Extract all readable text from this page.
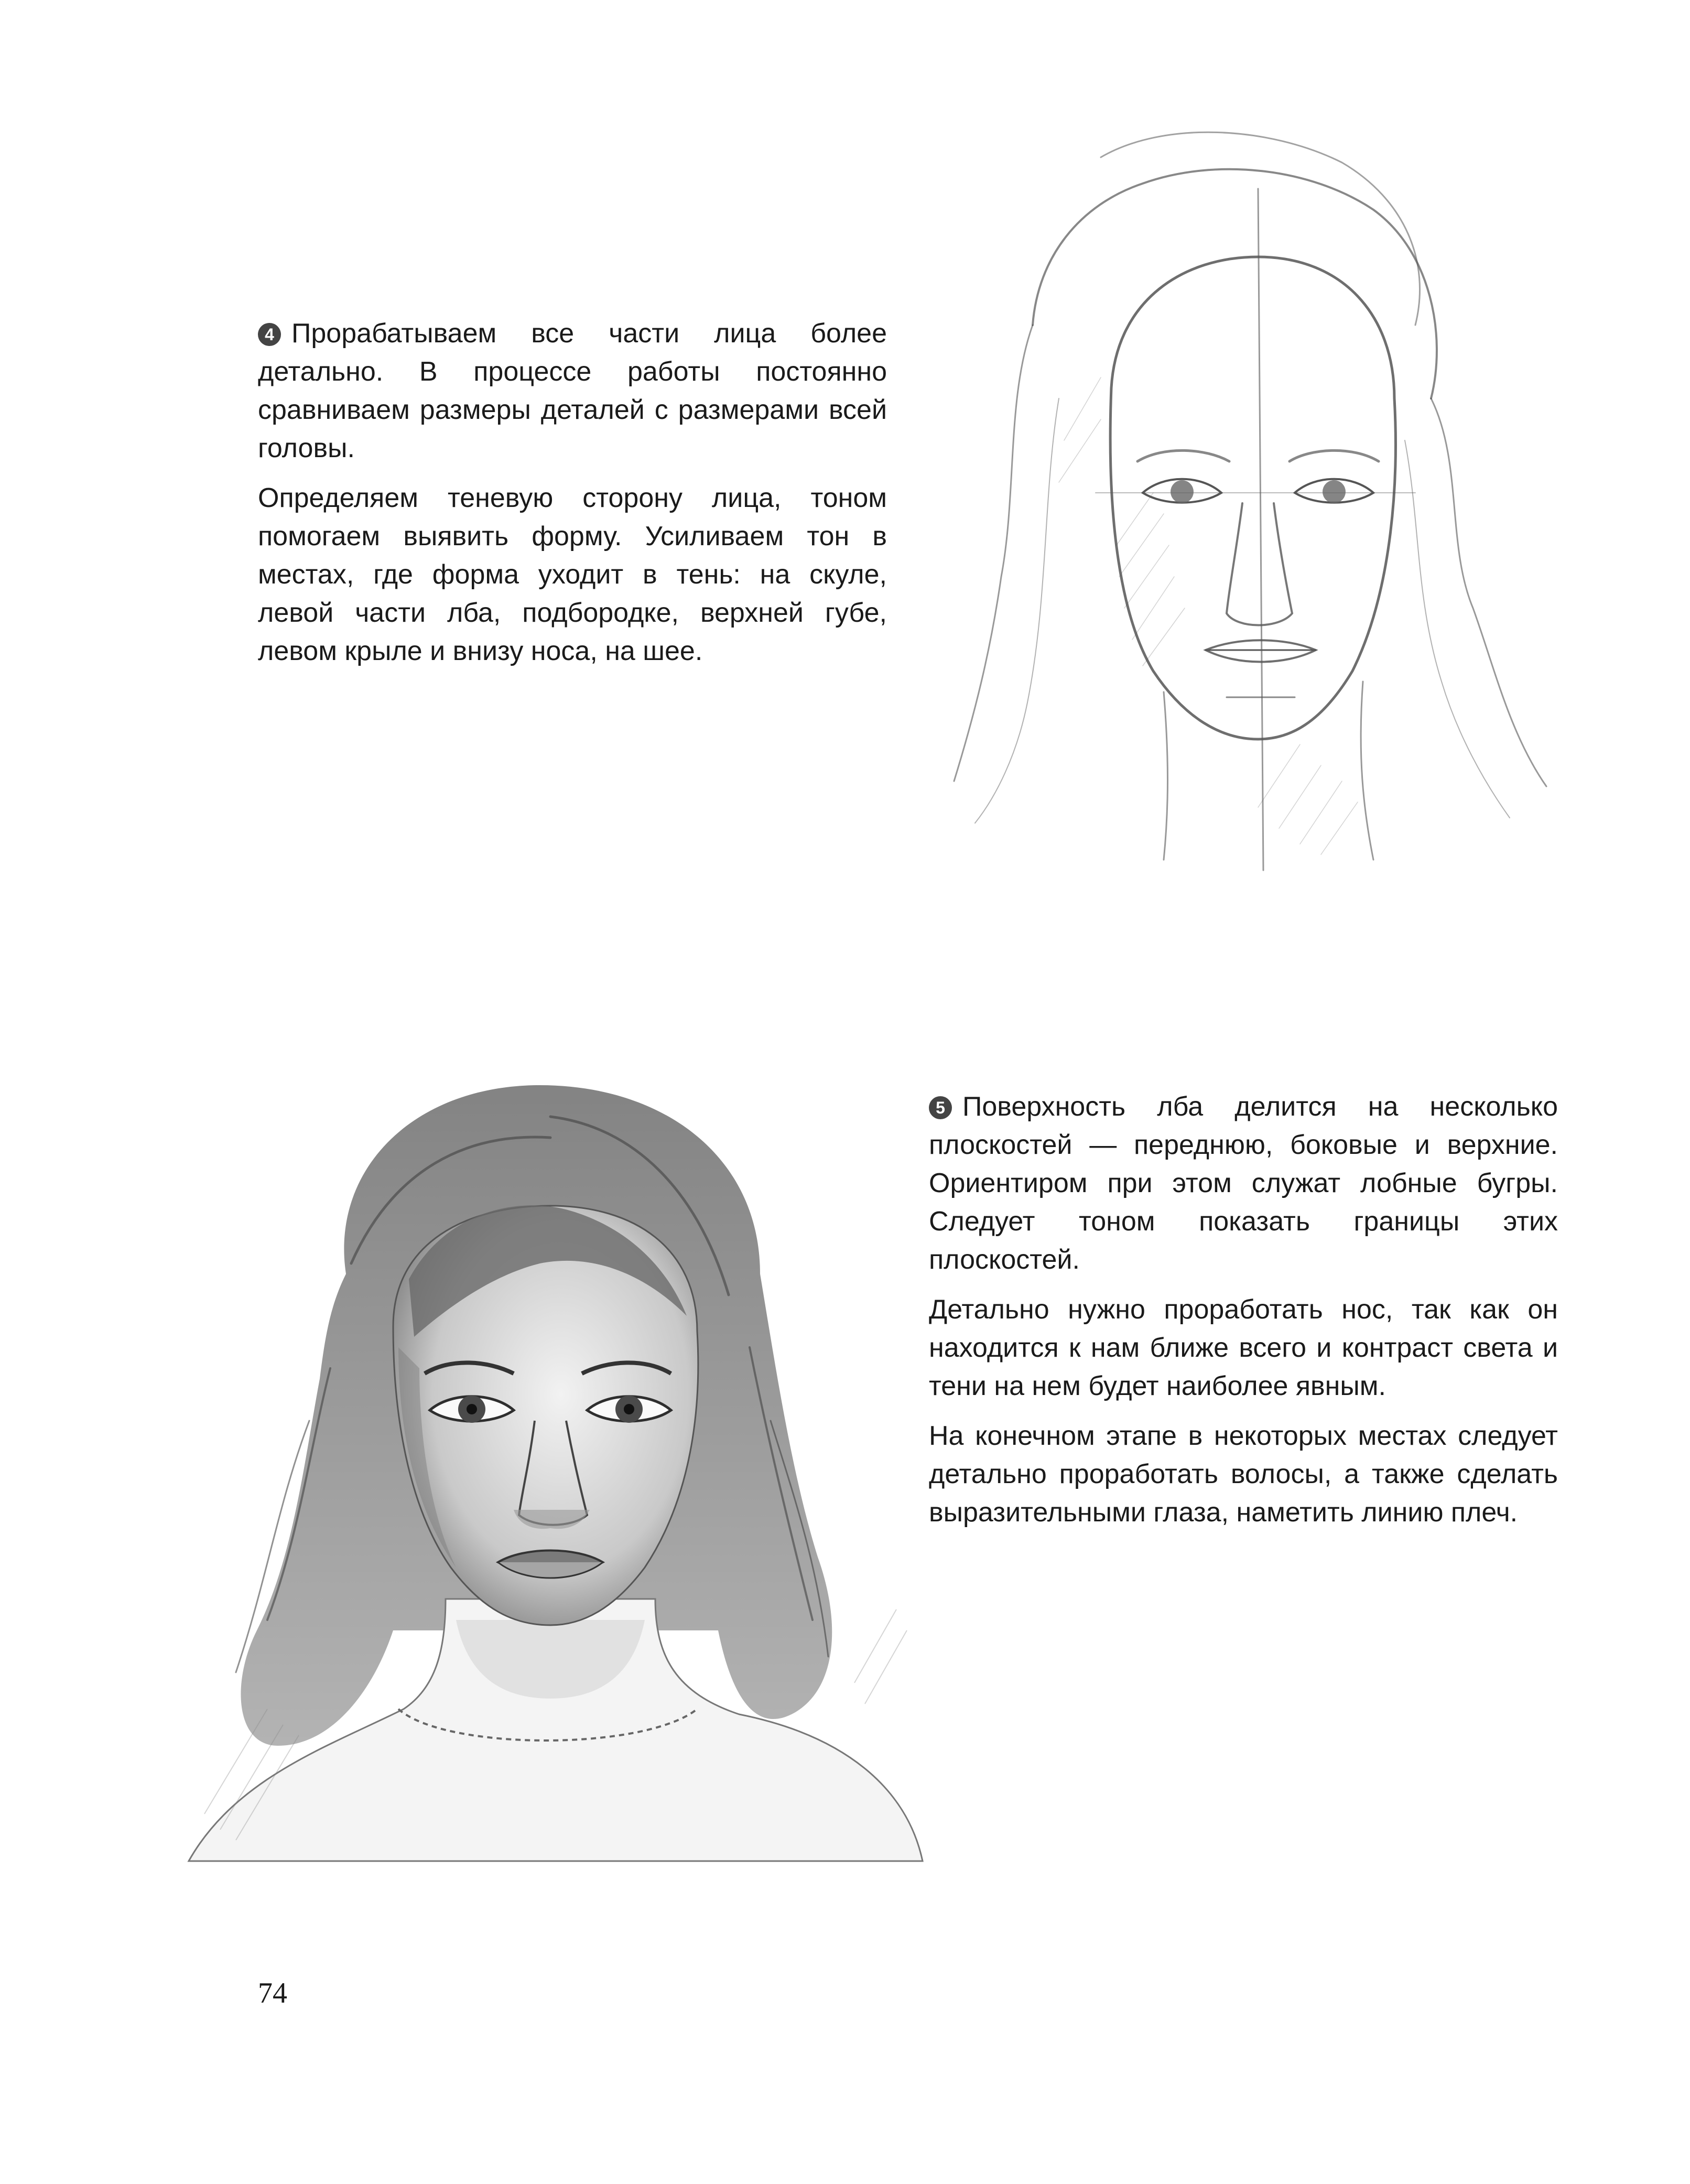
4 Прорабатываем все части лица более детально. В процессе работы постоянно сравниваем размеры деталей с размерами всей головы.

Определяем теневую сторону лица, тоном помогаем выявить форму. Усиливаем тон в местах, где форма уходит в тень: на скуле, левой части лба, подбородке, верхней губе, левом крыле и внизу носа, на шее.

5 Поверхность лба делится на несколько плоскостей — переднюю, боковые и верхние. Ориентиром при этом служат лобные бугры. Следует тоном показать границы этих плоскостей.

Детально нужно проработать нос, так как он находится к нам ближе всего и контраст света и тени на нем будет наиболее явным.

На конечном этапе в некоторых местах следует детально проработать волосы, а также сделать выразительными глаза, наметить линию плеч.

74
